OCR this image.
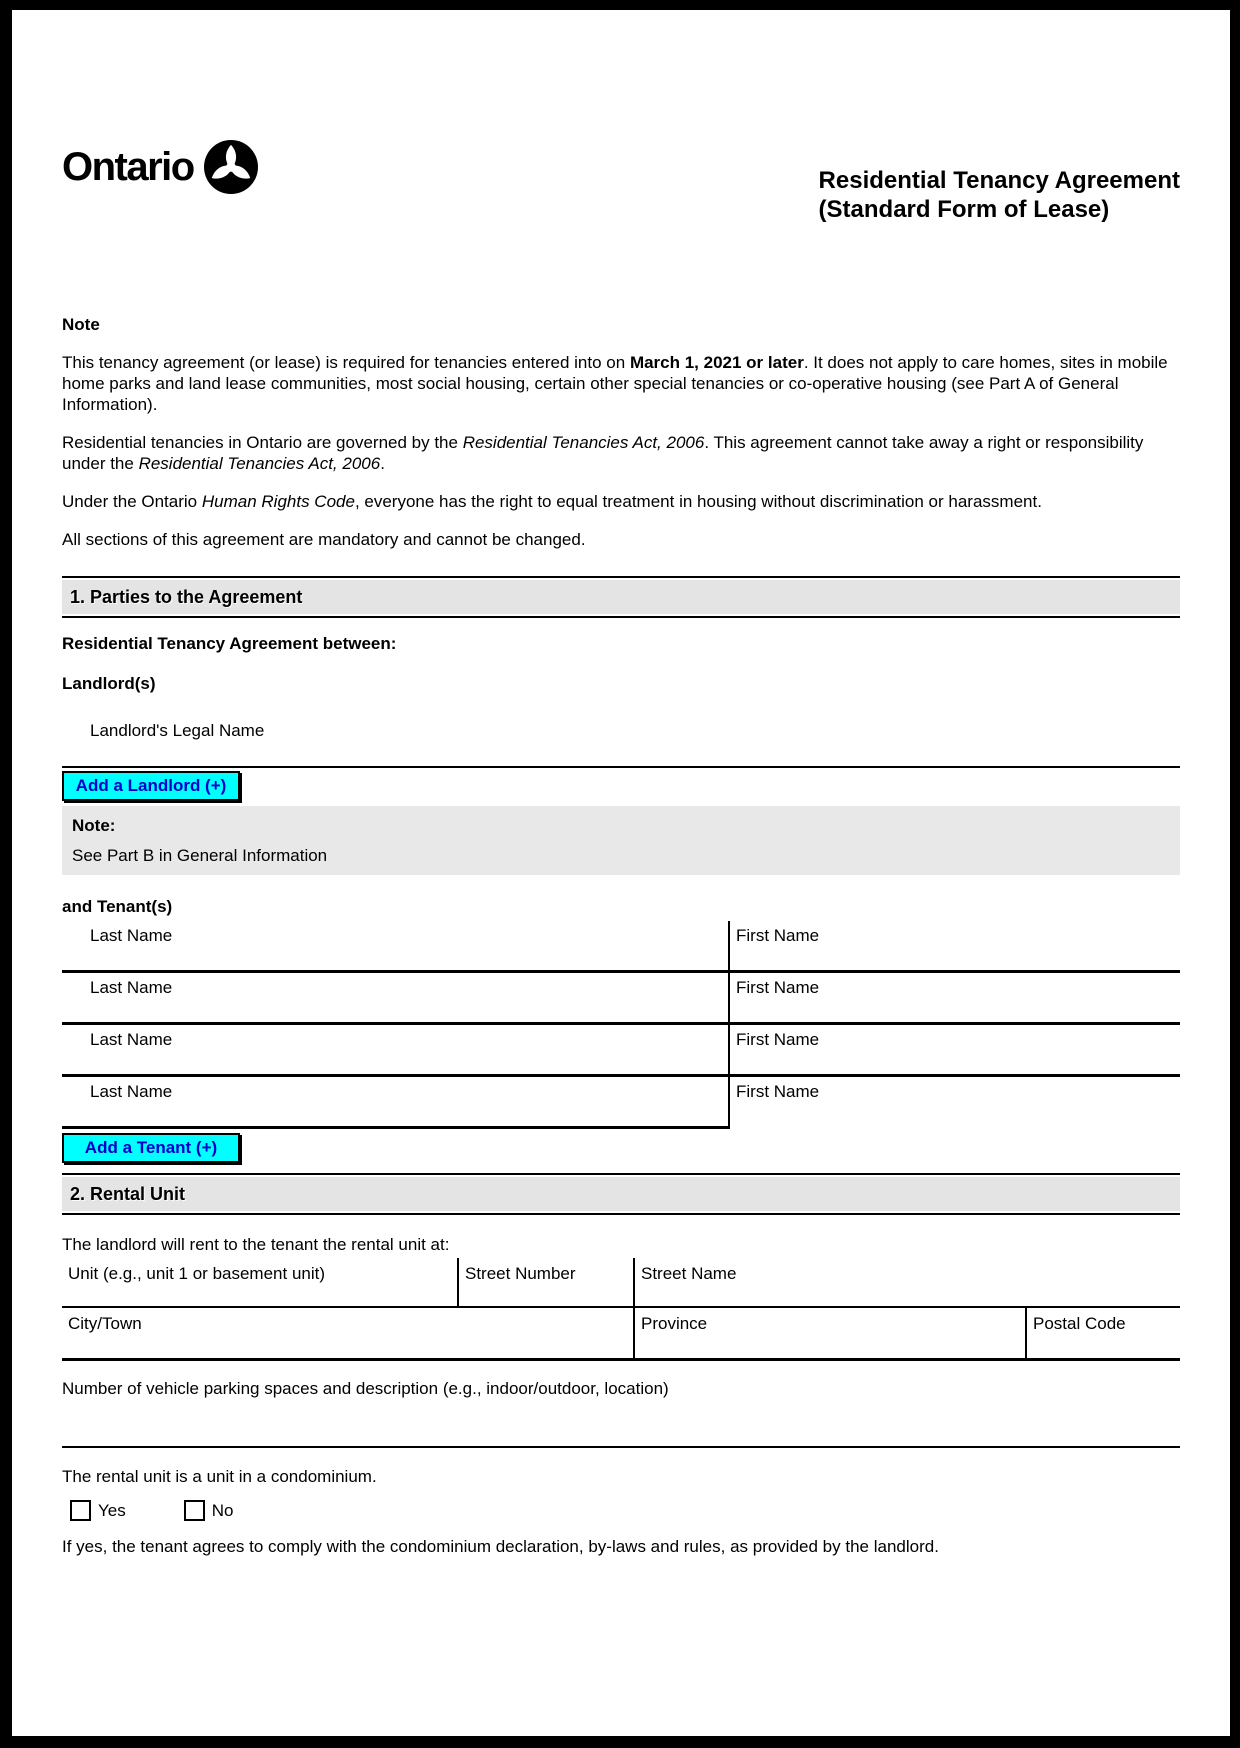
Ontario	Residential Tenancy Agreement
(Standard Form of Lease)
Note

This tenancy agreement (or lease) is required for tenancies entered into on March 1, 2021 or later. It does not apply to care homes, sites in mobile home parks and land lease communities, most social housing, certain other special tenancies or co-operative housing (see Part A of General Information).

Residential tenancies in Ontario are governed by the Residential Tenancies Act, 2006. This agreement cannot take away a right or responsibility under the Residential Tenancies Act, 2006.

Under the Ontario Human Rights Code, everyone has the right to equal treatment in housing without discrimination or harassment.

All sections of this agreement are mandatory and cannot be changed.

1. Parties to the Agreement

Residential Tenancy Agreement between:

Landlord(s)

Landlord's Legal Name
Add a Landlord (+)
Note:
See Part B in General Information

and Tenant(s)

Last Name	First Name
Last Name	First Name
Last Name	First Name
Last Name	First Name
Add a Tenant (+)
2. Rental Unit

The landlord will rent to the tenant the rental unit at:

Unit (e.g., unit 1 or basement unit)	Street Number	Street Name
City/Town	Province	Postal Code

Number of vehicle parking spaces and description (e.g., indoor/outdoor, location)

The rental unit is a unit in a condominium.

Yes	No

If yes, the tenant agrees to comply with the condominium declaration, by-laws and rules, as provided by the landlord.
